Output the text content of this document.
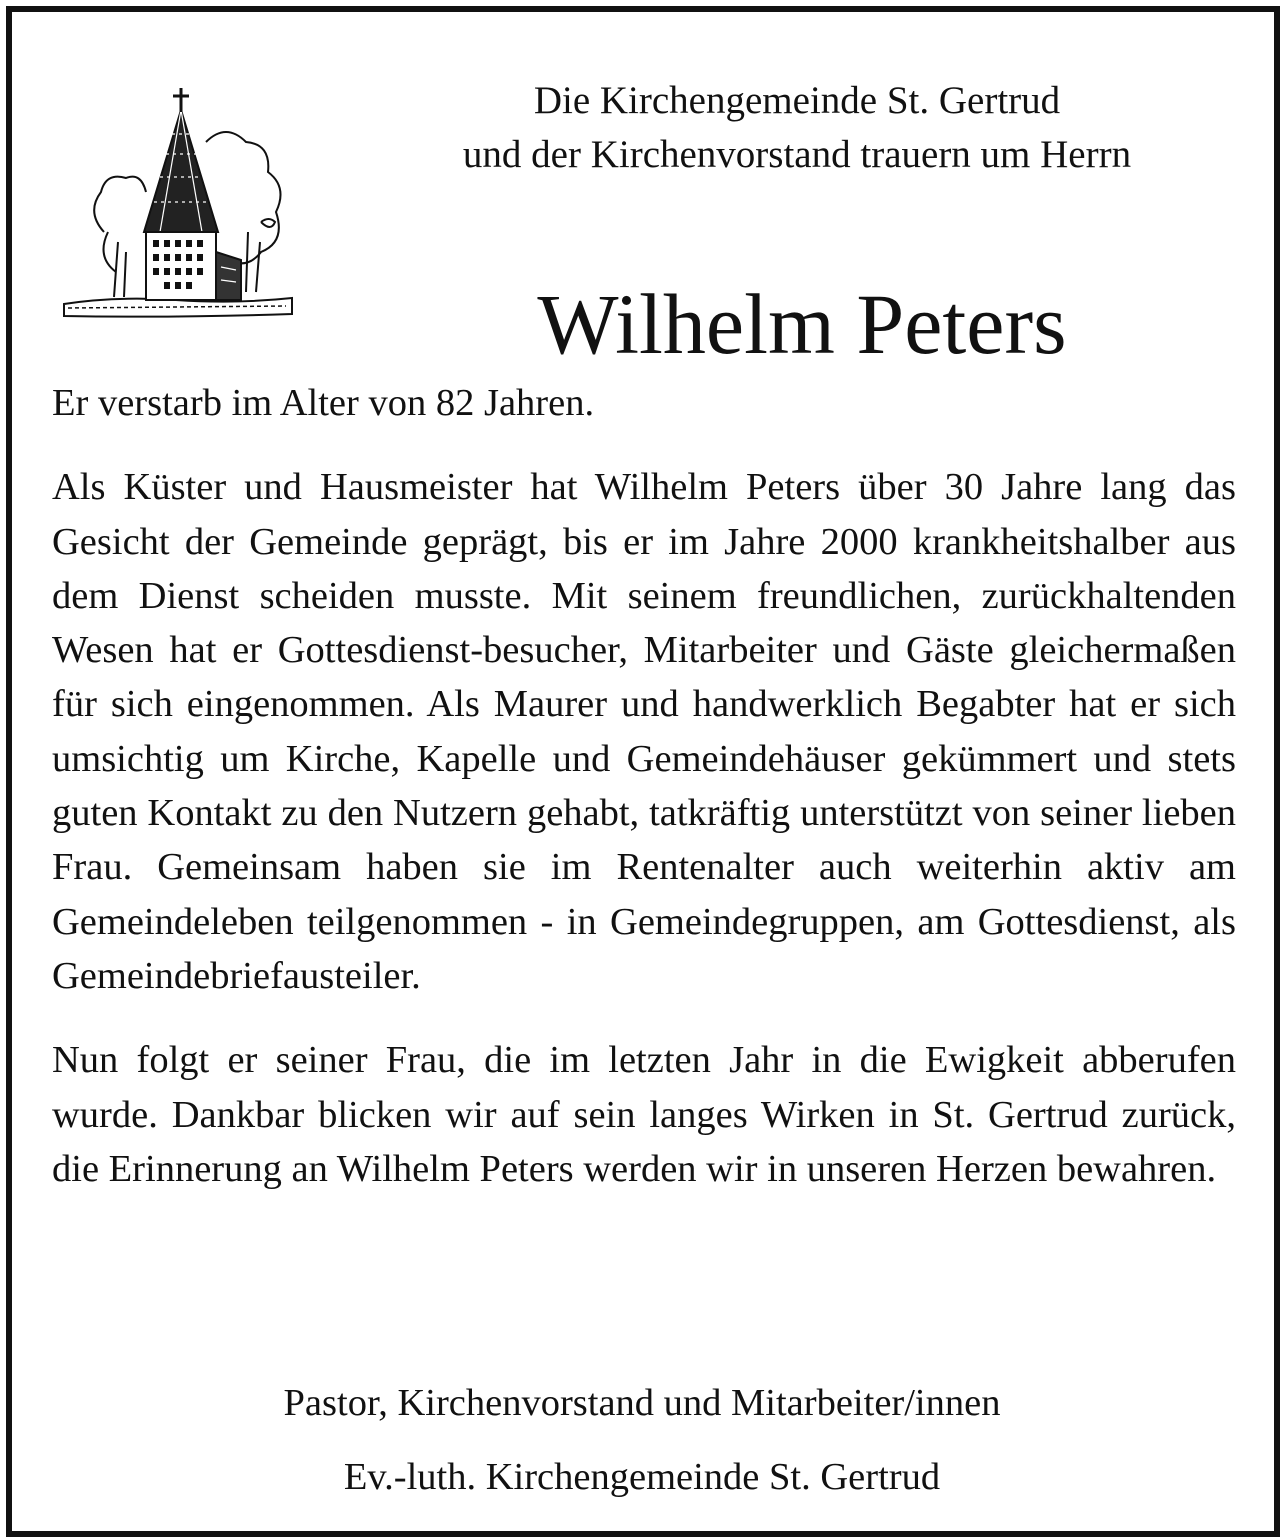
Die Kirchengemeinde St. Gertrud
und der Kirchenvorstand trauern um Herrn
Wilhelm Peters

Er verstarb im Alter von 82 Jahren.

Als Küster und Hausmeister hat Wilhelm Peters über 30 Jahre lang das Gesicht der Gemeinde geprägt, bis er im Jahre 2000 krankheitshalber aus dem Dienst scheiden musste. Mit seinem freundlichen, zurückhaltenden Wesen hat er Gottesdienst-besucher, Mitarbeiter und Gäste gleichermaßen für sich eingenommen. Als Maurer und handwerklich Begabter hat er sich umsichtig um Kirche, Kapelle und Gemeindehäuser gekümmert und stets guten Kontakt zu den Nutzern gehabt, tatkräftig unterstützt von seiner lieben Frau. Gemeinsam haben sie im Rentenalter auch weiterhin aktiv am Gemeindeleben teilgenommen - in Gemeindegruppen, am Gottesdienst, als Gemeindebriefausteiler.

Nun folgt er seiner Frau, die im letzten Jahr in die Ewigkeit abberufen wurde. Dankbar blicken wir auf sein langes Wirken in St. Gertrud zurück, die Erinnerung an Wilhelm Peters werden wir in unseren Herzen bewahren.

Pastor, Kirchenvorstand und Mitarbeiter/innen
Ev.-luth. Kirchengemeinde St. Gertrud
